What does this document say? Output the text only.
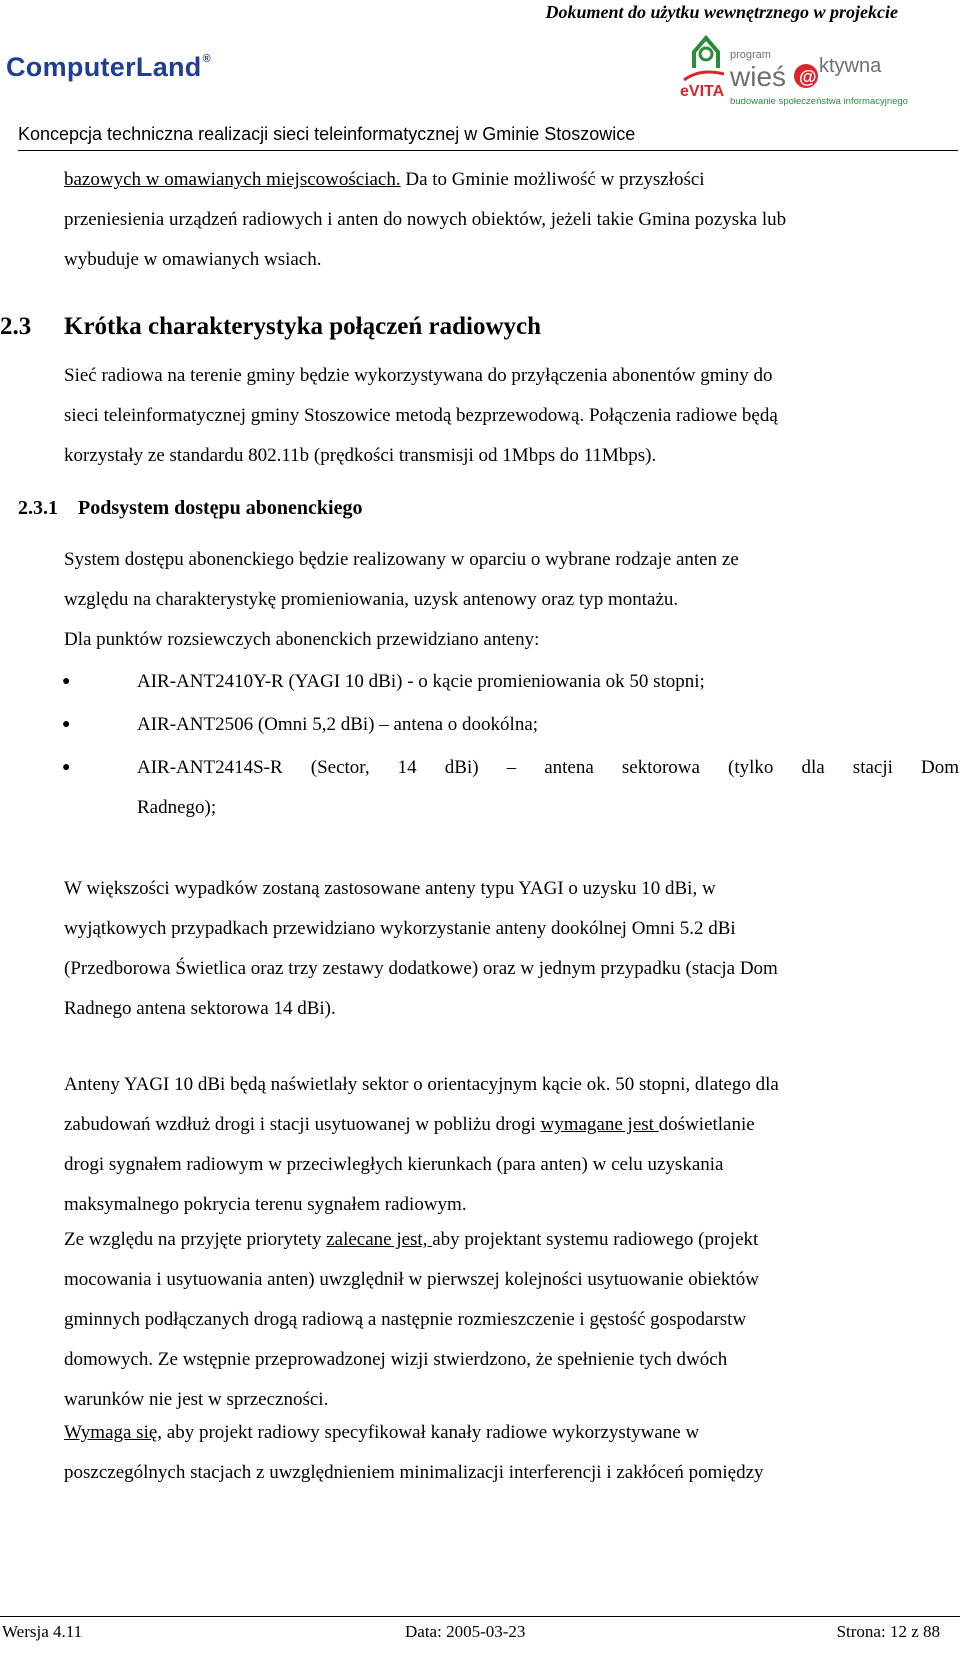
Dokument do użytku wewnętrznego w projekcie
ComputerLand®
eVITA
program
wieś @ ktywna
budowanie społeczeństwa informacyjnego
Koncepcja techniczna realizacji sieci teleinformatycznej w Gminie Stoszowice

bazowych w omawianych miejscowościach. Da to Gminie możliwość w przyszłości
przeniesienia urządzeń radiowych i anten do nowych obiektów, jeżeli takie Gmina pozyska lub
wybuduje w omawianych wsiach.

2.3	Krótka charakterystyka połączeń radiowych

Sieć radiowa na terenie gminy będzie wykorzystywana do przyłączenia abonentów gminy do
sieci teleinformatycznej gminy Stoszowice metodą bezprzewodową. Połączenia radiowe będą
korzystały ze standardu 802.11b (prędkości transmisji od 1Mbps do 11Mbps).

2.3.1 Podsystem dostępu abonenckiego

System dostępu abonenckiego będzie realizowany w oparciu o wybrane rodzaje anten ze
względu na charakterystykę promieniowania, uzysk antenowy oraz typ montażu.

Dla punktów rozsiewczych abonenckich przewidziano anteny:

●	AIR-ANT2410Y-R (YAGI 10 dBi) - o kącie promieniowania ok 50 stopni;
●	AIR-ANT2506 (Omni 5,2 dBi) – antena o dookólna;
●	AIR-ANT2414S-R (Sector, 14 dBi) – antena sektorowa (tylko dla stacji Dom
Radnego);

W większości wypadków zostaną zastosowane anteny typu YAGI o uzysku 10 dBi, w
wyjątkowych przypadkach przewidziano wykorzystanie anteny dookólnej Omni 5.2 dBi
(Przedborowa Świetlica oraz trzy zestawy dodatkowe) oraz w jednym przypadku (stacja Dom
Radnego antena sektorowa 14 dBi).

Anteny YAGI 10 dBi będą naświetlały sektor o orientacyjnym kącie ok. 50 stopni, dlatego dla
zabudowań wzdłuż drogi i stacji usytuowanej w pobliżu drogi wymagane jest doświetlanie
drogi sygnałem radiowym w przeciwległych kierunkach (para anten) w celu uzyskania
maksymalnego pokrycia terenu sygnałem radiowym.

Ze względu na przyjęte priorytety zalecane jest, aby projektant systemu radiowego (projekt
mocowania i usytuowania anten) uwzględnił w pierwszej kolejności usytuowanie obiektów
gminnych podłączanych drogą radiową a następnie rozmieszczenie i gęstość gospodarstw
domowych. Ze wstępnie przeprowadzonej wizji stwierdzono, że spełnienie tych dwóch
warunków nie jest w sprzeczności.

Wymaga się, aby projekt radiowy specyfikował kanały radiowe wykorzystywane w
poszczególnych stacjach z uwzględnieniem minimalizacji interferencji i zakłóceń pomiędzy

Wersja 4.11	Data: 2005-03-23	Strona: 12 z 88
